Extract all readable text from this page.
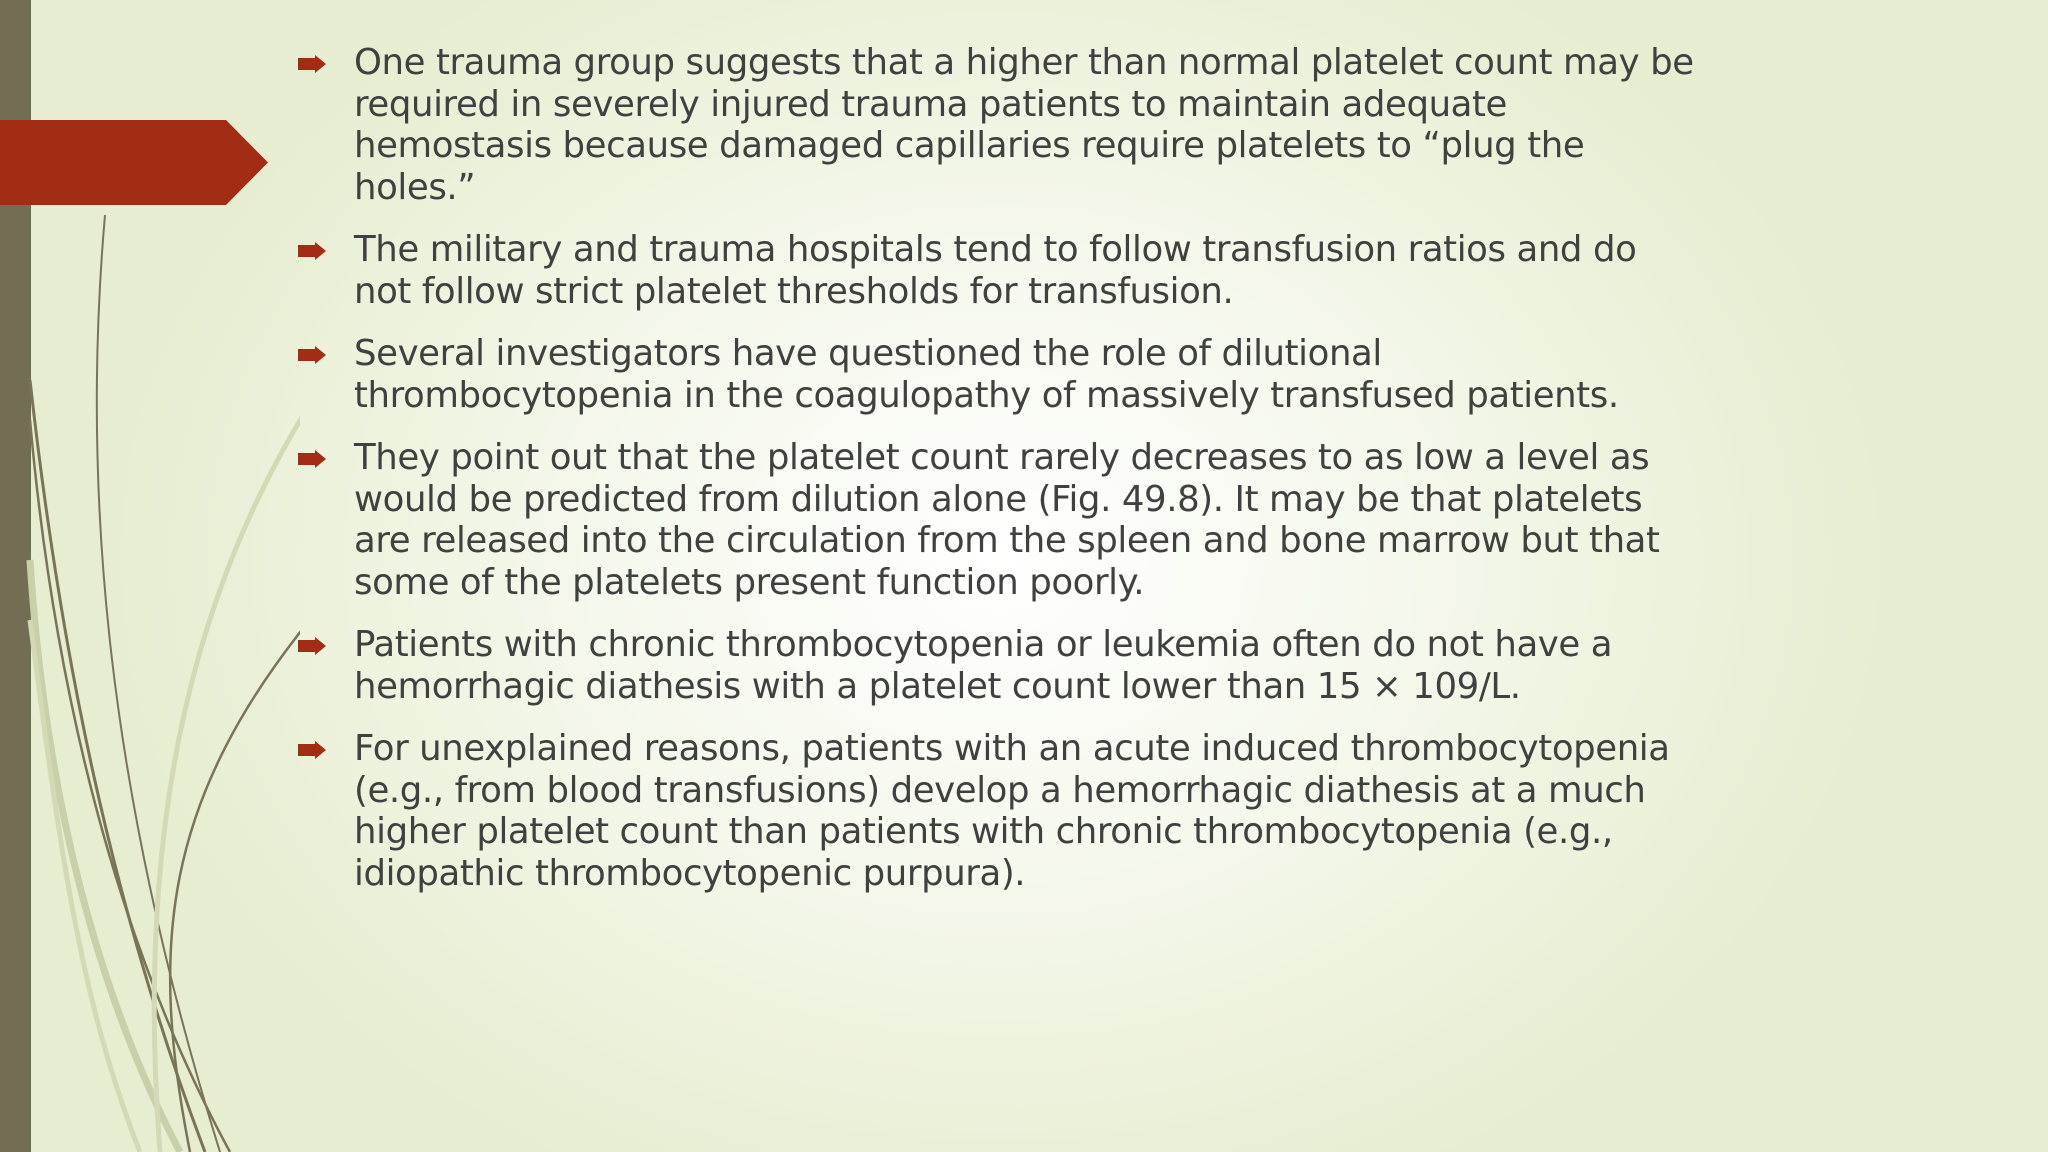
One trauma group suggests that a higher than normal platelet count may be required in severely injured trauma patients to maintain adequate hemostasis because damaged capillaries require platelets to “plug the holes.”
The military and trauma hospitals tend to follow transfusion ratios and do not follow strict platelet thresholds for transfusion.
Several investigators have questioned the role of dilutional thrombocytopenia in the coagulopathy of massively transfused patients.
They point out that the platelet count rarely decreases to as low a level as would be predicted from dilution alone (Fig. 49.8). It may be that platelets are released into the circulation from the spleen and bone marrow but that some of the platelets present function poorly.
Patients with chronic thrombocytopenia or leukemia often do not have a hemorrhagic diathesis with a platelet count lower than 15 × 109/L.
For unexplained reasons, patients with an acute induced thrombocytopenia (e.g., from blood transfusions) develop a hemorrhagic diathesis at a much higher platelet count than patients with chronic thrombocytopenia (e.g., idiopathic thrombocytopenic purpura).
